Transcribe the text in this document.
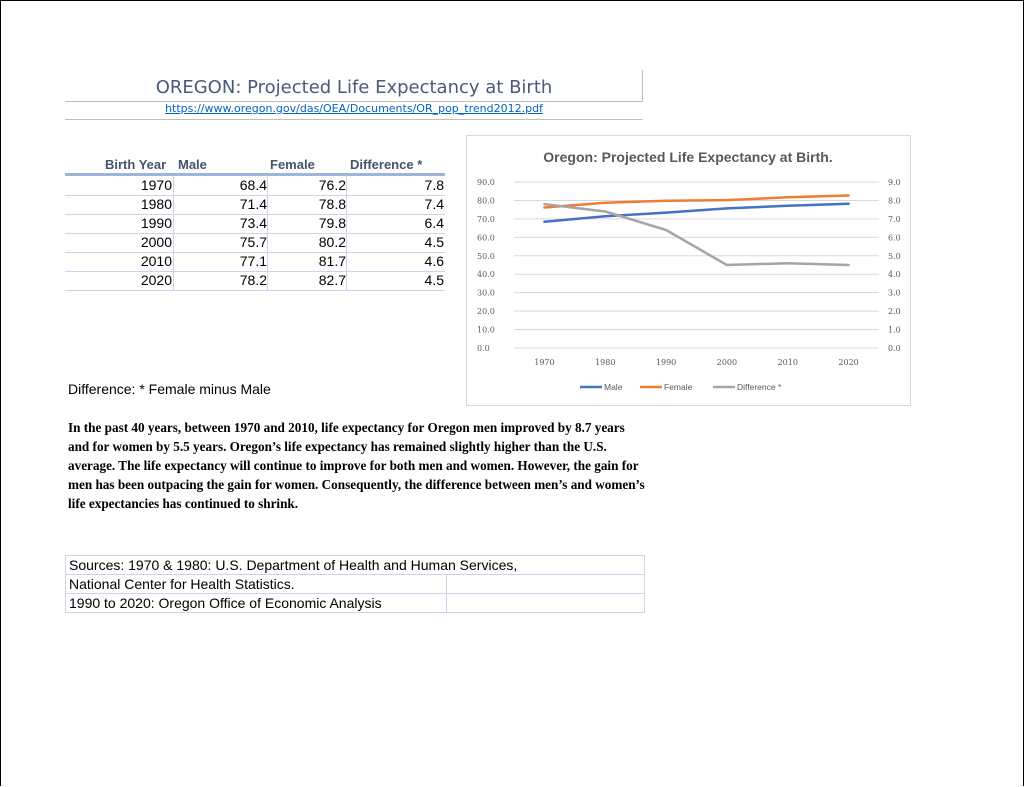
OREGON: Projected Life Expectancy at Birth
https://www.oregon.gov/das/OEA/Documents/OR_pop_trend2012.pdf
Birth Year Male	Female	Difference *
1970	68.4	76.2	7.8
1980	71.4	78.8	7.4
1990	73.4	79.8	6.4
2000	75.7	80.2	4.5
2010	77.1	81.7	4.6
2020	78.2	82.7	4.5
Difference: * Female minus Male
In the past 40 years, between 1970 and 2010, life expectancy for Oregon men improved by 8.7 years and for women by 5.5 years. Oregon’s life expectancy has remained slightly higher than the U.S. average. The life expectancy will continue to improve for both men and women. However, the gain for men has been outpacing the gain for women. Consequently, the difference between men’s and women’s life expectancies has continued to shrink.
Sources: 1970 & 1980: U.S. Department of Health and Human Services,
National Center for Health Statistics.
1990 to 2020: Oregon Office of Economic Analysis
Oregon: Projected Life Expectancy at Birth.
90.0	9.0
80.0	8.0
70.0	7.0
60.0	6.0
50.0	5.0
40.0	4.0
30.0	3.0
20.0	2.0
10.0	1.0
0.0	0.0
1970	1980	1990	2000	2010	2020
Male	Female	Difference *
